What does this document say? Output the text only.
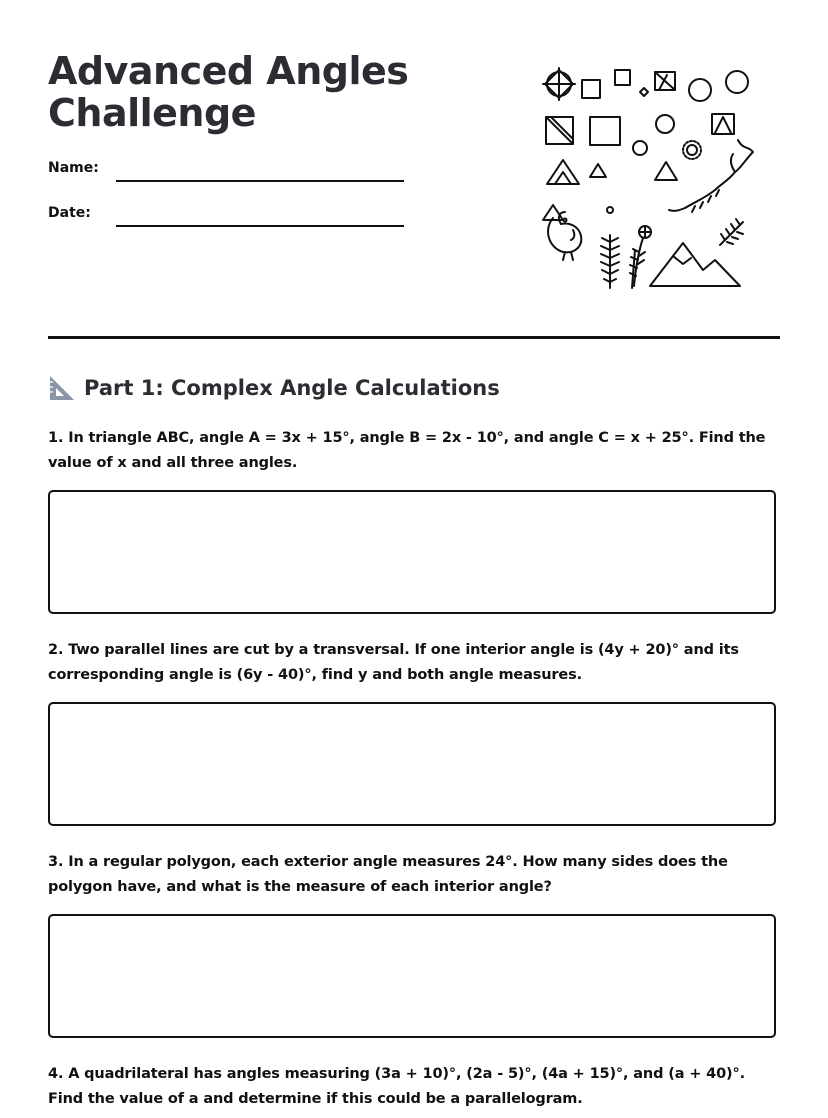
Advanced Angles
Challenge
Name:
Date:
Part 1: Complex Angle Calculations
1. In triangle ABC, angle A = 3x + 15°, angle B = 2x - 10°, and angle C = x + 25°. Find the value of x and all three angles.
2. Two parallel lines are cut by a transversal. If one interior angle is (4y + 20)° and its corresponding angle is (6y - 40)°, find y and both angle measures.
3. In a regular polygon, each exterior angle measures 24°. How many sides does the polygon have, and what is the measure of each interior angle?
4. A quadrilateral has angles measuring (3a + 10)°, (2a - 5)°, (4a + 15)°, and (a + 40)°. Find the value of a and determine if this could be a parallelogram.
